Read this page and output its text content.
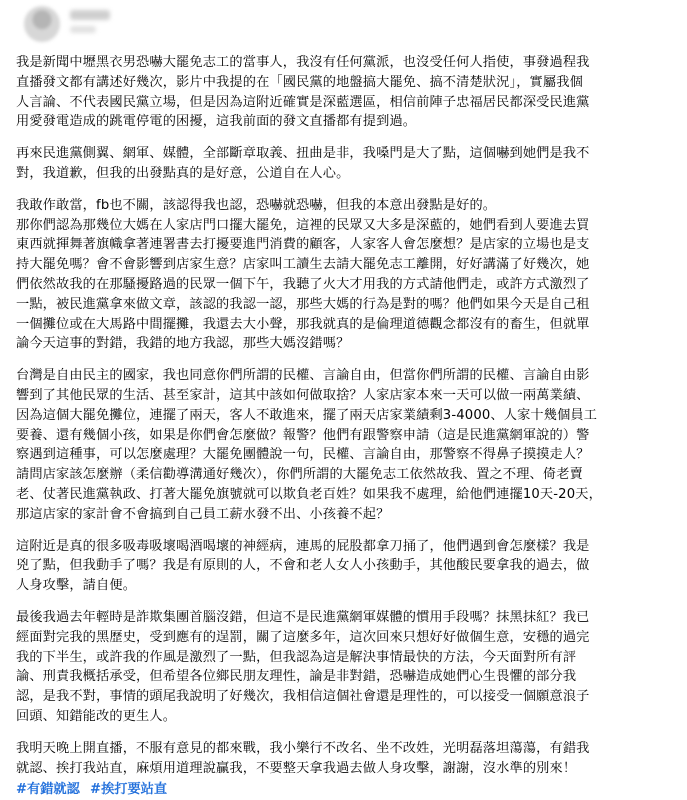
我是新聞中壢黑衣男恐嚇大罷免志工的當事人，我沒有任何黨派，也沒受任何人指使，事發過程我
直播發文都有講述好幾次，影片中我提的在「國民黨的地盤搞大罷免、搞不清楚狀況」，實屬我個
人言論、不代表國民黨立場，但是因為這附近確實是深藍選區，相信前陣子忠福居民都深受民進黨
用愛發電造成的跳電停電的困擾，這我前面的發文直播都有提到過。

再來民進黨側翼、網軍、媒體，全部斷章取義、扭曲是非，我嗓門是大了點，這個嚇到她們是我不
對，我道歉，但我的出發點真的是好意，公道自在人心。

我敢作敢當，fb也不關，該認得我也認，恐嚇就恐嚇，但我的本意出發點是好的。

那你們認為那幾位大媽在人家店門口擺大罷免，這裡的民眾又大多是深藍的，她們看到人要進去買
東西就揮舞著旗幟拿著連署書去打擾要進門消費的顧客，人家客人會怎麼想？是店家的立場也是支
持大罷免嗎？會不會影響到店家生意？店家叫工讀生去請大罷免志工離開，好好講滿了好幾次，她
們依然故我的在那騷擾路過的民眾一個下午，我聽了火大才用我的方式請他們走，或許方式激烈了
一點，被民進黨拿來做文章，該認的我認一認，那些大媽的行為是對的嗎？他們如果今天是自己租
一個攤位或在大馬路中間擺攤，我還去大小聲，那我就真的是倫理道德觀念都沒有的畜生，但就單
論今天這事的對錯，我錯的地方我認，那些大媽沒錯嗎？

台灣是自由民主的國家，我也同意你們所謂的民權、言論自由，但當你們所謂的民權、言論自由影
響到了其他民眾的生活、甚至家計，這其中該如何做取捨？人家店家本來一天可以做一兩萬業績、
因為這個大罷免攤位，連擺了兩天，客人不敢進來，擺了兩天店家業績剩3-4000、人家十幾個員工
要養、還有幾個小孩，如果是你們會怎麼做？報警？他們有跟警察申請（這是民進黨網軍說的）警
察遇到這種事，可以怎麼處理？大罷免團體說一句，民權、言論自由，那警察不得鼻子摸摸走人？
請問店家該怎麼辦（柔信勸導溝通好幾次），你們所謂的大罷免志工依然故我、置之不理、倚老賣
老、仗著民進黨執政、打著大罷免旗號就可以欺負老百姓？如果我不處理，給他們連擺10天-20天，
那這店家的家計會不會搞到自己員工薪水發不出、小孩養不起？

這附近是真的很多吸毒吸壞喝酒喝壞的神經病，連馬的屁股都拿刀捅了，他們遇到會怎麼樣？我是
兇了點，但我動手了嗎？我是有原則的人，不會和老人女人小孩動手，其他酸民要拿我的過去，做
人身攻擊，請自便。

最後我過去年輕時是詐欺集團首腦沒錯，但這不是民進黨網軍媒體的慣用手段嗎？抹黑抹紅？我已
經面對完我的黑歷史，受到應有的逞罰，關了這麼多年，這次回來只想好好做個生意，安穩的過完
我的下半生，或許我的作風是激烈了一點，但我認為這是解決事情最快的方法，今天面對所有評
論、刑責我概括承受，但希望各位鄉民朋友理性，論是非對錯，恐嚇造成她們心生畏懼的部分我
認，是我不對，事情的頭尾我說明了好幾次，我相信這個社會還是理性的，可以接受一個願意浪子
回頭、知錯能改的更生人。

我明天晚上開直播，不服有意見的都來戰，我小樂行不改名、坐不改姓，光明磊落坦蕩蕩，有錯我
就認、挨打我站直，麻煩用道理說贏我，不要整天拿我過去做人身攻擊，謝謝，沒水準的別來！

#有錯就認 #挨打要站直
